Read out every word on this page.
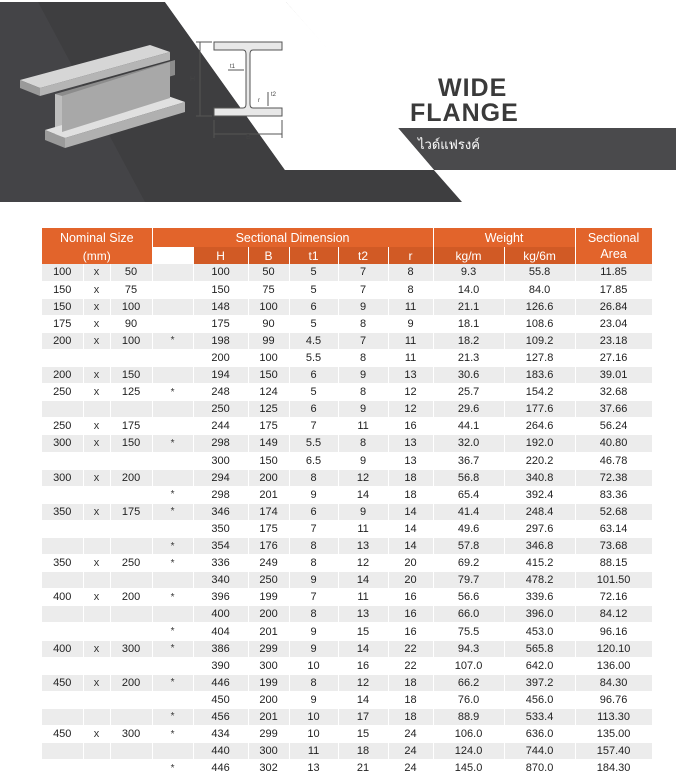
H
B
t1
t2
r	WIDE
FLANGE
ไวด์แฟรงค์
Nominal Size			Sectional Dimension						Weight		Sectional Area
(mm)				H	B	t1	t2	r	kg/m	kg/6m	
100	x	50		100	50	5	7	8	9.3	55.8	11.85
150	x	75		150	75	5	7	8	14.0	84.0	17.85
150	x	100		148	100	6	9	11	21.1	126.6	26.84
175	x	90		175	90	5	8	9	18.1	108.6	23.04
200	x	100	*	198	99	4.5	7	11	18.2	109.2	23.18
				200	100	5.5	8	11	21.3	127.8	27.16
200	x	150		194	150	6	9	13	30.6	183.6	39.01
250	x	125	*	248	124	5	8	12	25.7	154.2	32.68
				250	125	6	9	12	29.6	177.6	37.66
250	x	175		244	175	7	11	16	44.1	264.6	56.24
300	x	150	*	298	149	5.5	8	13	32.0	192.0	40.80
				300	150	6.5	9	13	36.7	220.2	46.78
300	x	200		294	200	8	12	18	56.8	340.8	72.38
			*	298	201	9	14	18	65.4	392.4	83.36
350	x	175	*	346	174	6	9	14	41.4	248.4	52.68
				350	175	7	11	14	49.6	297.6	63.14
			*	354	176	8	13	14	57.8	346.8	73.68
350	x	250	*	336	249	8	12	20	69.2	415.2	88.15
				340	250	9	14	20	79.7	478.2	101.50
400	x	200	*	396	199	7	11	16	56.6	339.6	72.16
				400	200	8	13	16	66.0	396.0	84.12
			*	404	201	9	15	16	75.5	453.0	96.16
400	x	300	*	386	299	9	14	22	94.3	565.8	120.10
				390	300	10	16	22	107.0	642.0	136.00
450	x	200	*	446	199	8	12	18	66.2	397.2	84.30
				450	200	9	14	18	76.0	456.0	96.76
			*	456	201	10	17	18	88.9	533.4	113.30
450	x	300	*	434	299	10	15	24	106.0	636.0	135.00
				440	300	11	18	24	124.0	744.0	157.40
			*	446	302	13	21	24	145.0	870.0	184.30
